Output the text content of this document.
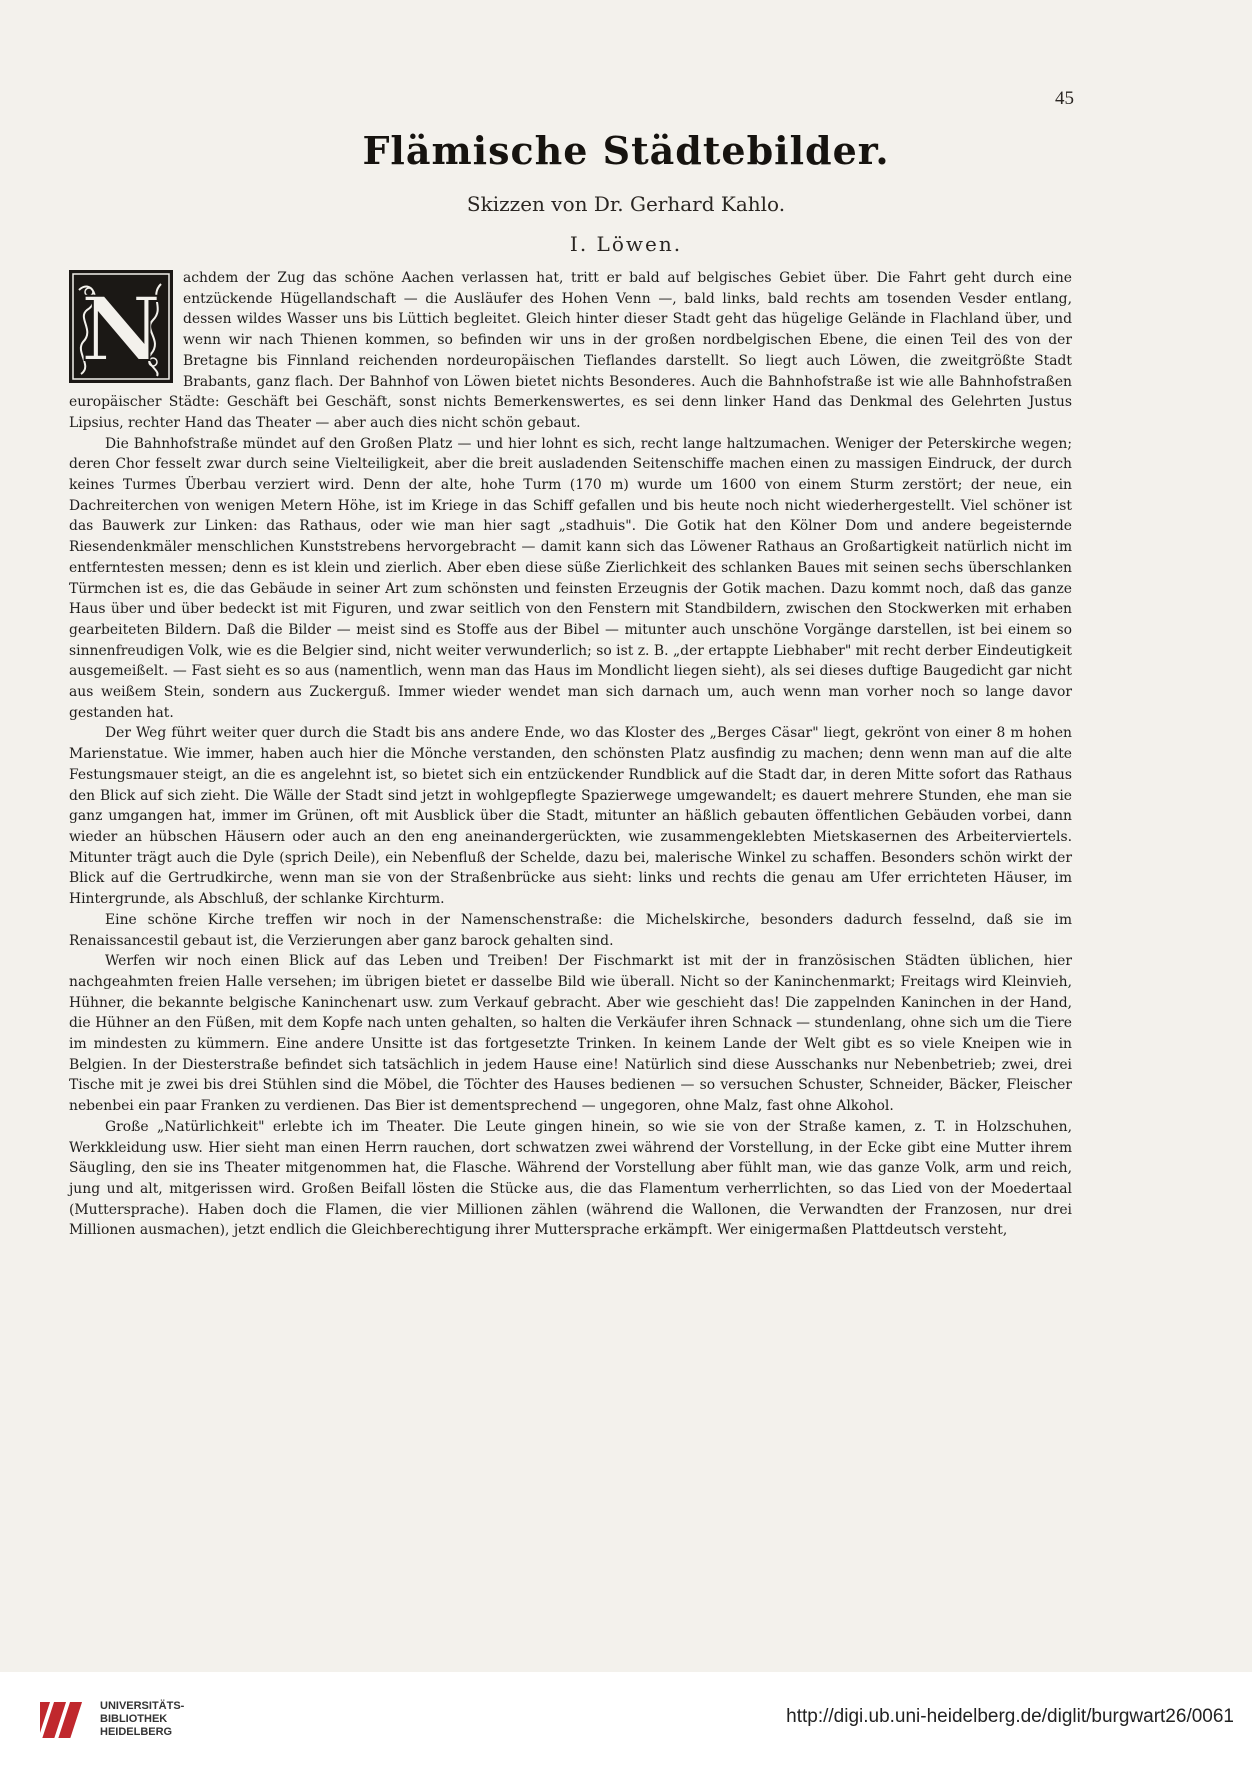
45
Flämische Städtebilder.
Skizzen von Dr. Gerhard Kahlo.
I. Löwen.

N achdem der Zug das schöne Aachen verlassen hat, tritt er bald auf belgisches Gebiet über. Die Fahrt geht durch eine entzückende Hügellandschaft — die Ausläufer des Hohen Venn —, bald links, bald rechts am tosenden Vesder entlang, dessen wildes Wasser uns bis Lüttich begleitet. Gleich hinter dieser Stadt geht das hügelige Gelände in Flachland über, und wenn wir nach Thienen kommen, so befinden wir uns in der großen nordbelgischen Ebene, die einen Teil des von der Bretagne bis Finnland reichenden nordeuropäischen Tieflandes darstellt. So liegt auch Löwen, die zweitgrößte Stadt Brabants, ganz flach. Der Bahnhof von Löwen bietet nichts Besonderes. Auch die Bahnhofstraße ist wie alle Bahnhofstraßen europäischer Städte: Geschäft bei Geschäft, sonst nichts Bemerkenswertes, es sei denn linker Hand das Denkmal des Gelehrten Justus Lipsius, rechter Hand das Theater — aber auch dies nicht schön gebaut.

Die Bahnhofstraße mündet auf den Großen Platz — und hier lohnt es sich, recht lange haltzumachen. Weniger der Peterskirche wegen; deren Chor fesselt zwar durch seine Vielteiligkeit, aber die breit ausladenden Seitenschiffe machen einen zu massigen Eindruck, der durch keines Turmes Überbau verziert wird. Denn der alte, hohe Turm (170 m) wurde um 1600 von einem Sturm zerstört; der neue, ein Dachreiterchen von wenigen Metern Höhe, ist im Kriege in das Schiff gefallen und bis heute noch nicht wiederhergestellt. Viel schöner ist das Bauwerk zur Linken: das Rathaus, oder wie man hier sagt „stadhuis". Die Gotik hat den Kölner Dom und andere begeisternde Riesendenkmäler menschlichen Kunststrebens hervorgebracht — damit kann sich das Löwener Rathaus an Großartigkeit natürlich nicht im entferntesten messen; denn es ist klein und zierlich. Aber eben diese süße Zierlichkeit des schlanken Baues mit seinen sechs überschlanken Türmchen ist es, die das Gebäude in seiner Art zum schönsten und feinsten Erzeugnis der Gotik machen. Dazu kommt noch, daß das ganze Haus über und über bedeckt ist mit Figuren, und zwar seitlich von den Fenstern mit Standbildern, zwischen den Stockwerken mit erhaben gearbeiteten Bildern. Daß die Bilder — meist sind es Stoffe aus der Bibel — mitunter auch unschöne Vorgänge darstellen, ist bei einem so sinnenfreudigen Volk, wie es die Belgier sind, nicht weiter verwunderlich; so ist z. B. „der ertappte Liebhaber" mit recht derber Eindeutigkeit ausgemeißelt. — Fast sieht es so aus (namentlich, wenn man das Haus im Mondlicht liegen sieht), als sei dieses duftige Baugedicht gar nicht aus weißem Stein, sondern aus Zuckerguß. Immer wieder wendet man sich darnach um, auch wenn man vorher noch so lange davor gestanden hat.

Der Weg führt weiter quer durch die Stadt bis ans andere Ende, wo das Kloster des „Berges Cäsar" liegt, gekrönt von einer 8 m hohen Marienstatue. Wie immer, haben auch hier die Mönche verstanden, den schönsten Platz ausfindig zu machen; denn wenn man auf die alte Festungsmauer steigt, an die es angelehnt ist, so bietet sich ein entzückender Rundblick auf die Stadt dar, in deren Mitte sofort das Rathaus den Blick auf sich zieht. Die Wälle der Stadt sind jetzt in wohlgepflegte Spazierwege umgewandelt; es dauert mehrere Stunden, ehe man sie ganz umgangen hat, immer im Grünen, oft mit Ausblick über die Stadt, mitunter an häßlich gebauten öffentlichen Gebäuden vorbei, dann wieder an hübschen Häusern oder auch an den eng aneinandergerückten, wie zusammengeklebten Mietskasernen des Arbeiterviertels. Mitunter trägt auch die Dyle (sprich Deile), ein Nebenfluß der Schelde, dazu bei, malerische Winkel zu schaffen. Besonders schön wirkt der Blick auf die Gertrudkirche, wenn man sie von der Straßenbrücke aus sieht: links und rechts die genau am Ufer errichteten Häuser, im Hintergrunde, als Abschluß, der schlanke Kirchturm.

Eine schöne Kirche treffen wir noch in der Namenschenstraße: die Michelskirche, besonders dadurch fesselnd, daß sie im Renaissancestil gebaut ist, die Verzierungen aber ganz barock gehalten sind.

Werfen wir noch einen Blick auf das Leben und Treiben! Der Fischmarkt ist mit der in französischen Städten üblichen, hier nachgeahmten freien Halle versehen; im übrigen bietet er dasselbe Bild wie überall. Nicht so der Kaninchenmarkt; Freitags wird Kleinvieh, Hühner, die bekannte belgische Kaninchenart usw. zum Verkauf gebracht. Aber wie geschieht das! Die zappelnden Kaninchen in der Hand, die Hühner an den Füßen, mit dem Kopfe nach unten gehalten, so halten die Verkäufer ihren Schnack — stundenlang, ohne sich um die Tiere im mindesten zu kümmern. Eine andere Unsitte ist das fortgesetzte Trinken. In keinem Lande der Welt gibt es so viele Kneipen wie in Belgien. In der Diesterstraße befindet sich tatsächlich in jedem Hause eine! Natürlich sind diese Ausschanks nur Nebenbetrieb; zwei, drei Tische mit je zwei bis drei Stühlen sind die Möbel, die Töchter des Hauses bedienen — so versuchen Schuster, Schneider, Bäcker, Fleischer nebenbei ein paar Franken zu verdienen. Das Bier ist dementsprechend — ungegoren, ohne Malz, fast ohne Alkohol.

Große „Natürlichkeit" erlebte ich im Theater. Die Leute gingen hinein, so wie sie von der Straße kamen, z. T. in Holzschuhen, Werkkleidung usw. Hier sieht man einen Herrn rauchen, dort schwatzen zwei während der Vorstellung, in der Ecke gibt eine Mutter ihrem Säugling, den sie ins Theater mitgenommen hat, die Flasche. Während der Vorstellung aber fühlt man, wie das ganze Volk, arm und reich, jung und alt, mitgerissen wird. Großen Beifall lösten die Stücke aus, die das Flamentum verherrlichten, so das Lied von der Moedertaal (Muttersprache). Haben doch die Flamen, die vier Millionen zählen (während die Wallonen, die Verwandten der Franzosen, nur drei Millionen ausmachen), jetzt endlich die Gleichberechtigung ihrer Muttersprache erkämpft. Wer einigermaßen Plattdeutsch versteht,

UNIVERSITÄTS-
BIBLIOTHEK
HEIDELBERG
http://digi.ub.uni-heidelberg.de/diglit/burgwart26/0061
